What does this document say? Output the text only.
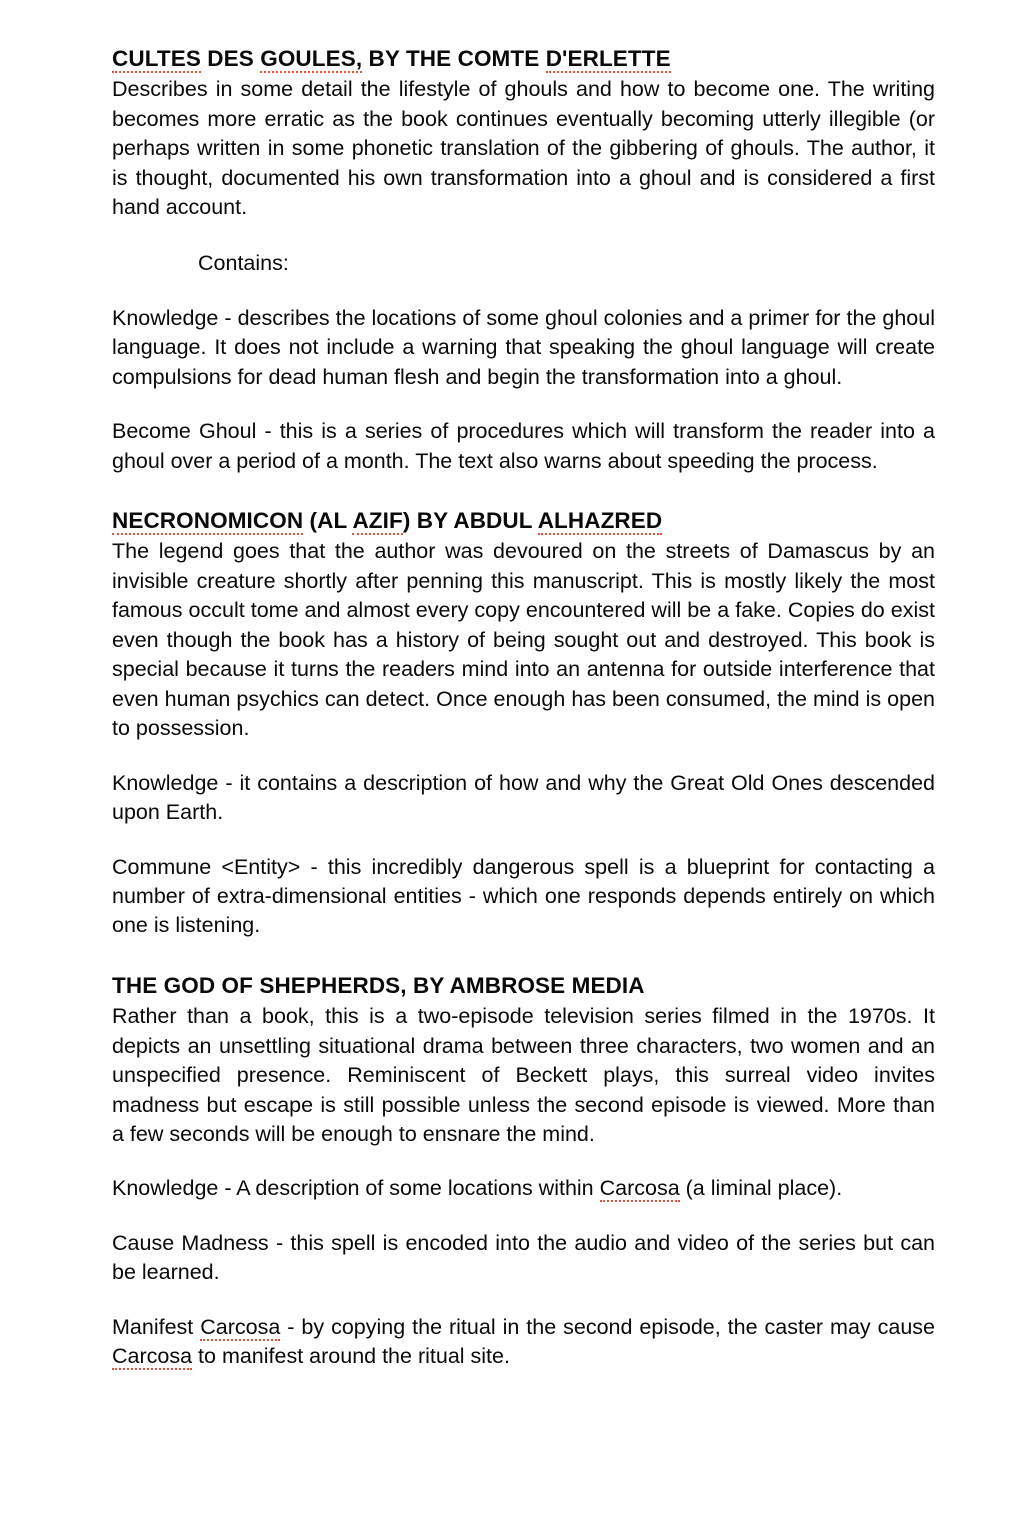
CULTES DES GOULES, BY THE COMTE D'ERLETTE

Describes in some detail the lifestyle of ghouls and how to become one. The writing becomes more erratic as the book continues eventually becoming utterly illegible (or perhaps written in some phonetic translation of the gibbering of ghouls. The author, it is thought, documented his own transformation into a ghoul and is considered a first hand account.

Contains:

Knowledge - describes the locations of some ghoul colonies and a primer for the ghoul language. It does not include a warning that speaking the ghoul language will create compulsions for dead human flesh and begin the transformation into a ghoul.

Become Ghoul - this is a series of procedures which will transform the reader into a ghoul over a period of a month. The text also warns about speeding the process.

NECRONOMICON (AL AZIF) BY ABDUL ALHAZRED

The legend goes that the author was devoured on the streets of Damascus by an invisible creature shortly after penning this manuscript. This is mostly likely the most famous occult tome and almost every copy encountered will be a fake. Copies do exist even though the book has a history of being sought out and destroyed. This book is special because it turns the readers mind into an antenna for outside interference that even human psychics can detect. Once enough has been consumed, the mind is open to possession.

Knowledge - it contains a description of how and why the Great Old Ones descended upon Earth.

Commune <Entity> - this incredibly dangerous spell is a blueprint for contacting a number of extra-dimensional entities - which one responds depends entirely on which one is listening.

THE GOD OF SHEPHERDS, BY AMBROSE MEDIA

Rather than a book, this is a two-episode television series filmed in the 1970s. It depicts an unsettling situational drama between three characters, two women and an unspecified presence. Reminiscent of Beckett plays, this surreal video invites madness but escape is still possible unless the second episode is viewed. More than a few seconds will be enough to ensnare the mind.

Knowledge - A description of some locations within Carcosa (a liminal place).

Cause Madness - this spell is encoded into the audio and video of the series but can be learned.

Manifest Carcosa - by copying the ritual in the second episode, the caster may cause Carcosa to manifest around the ritual site.
